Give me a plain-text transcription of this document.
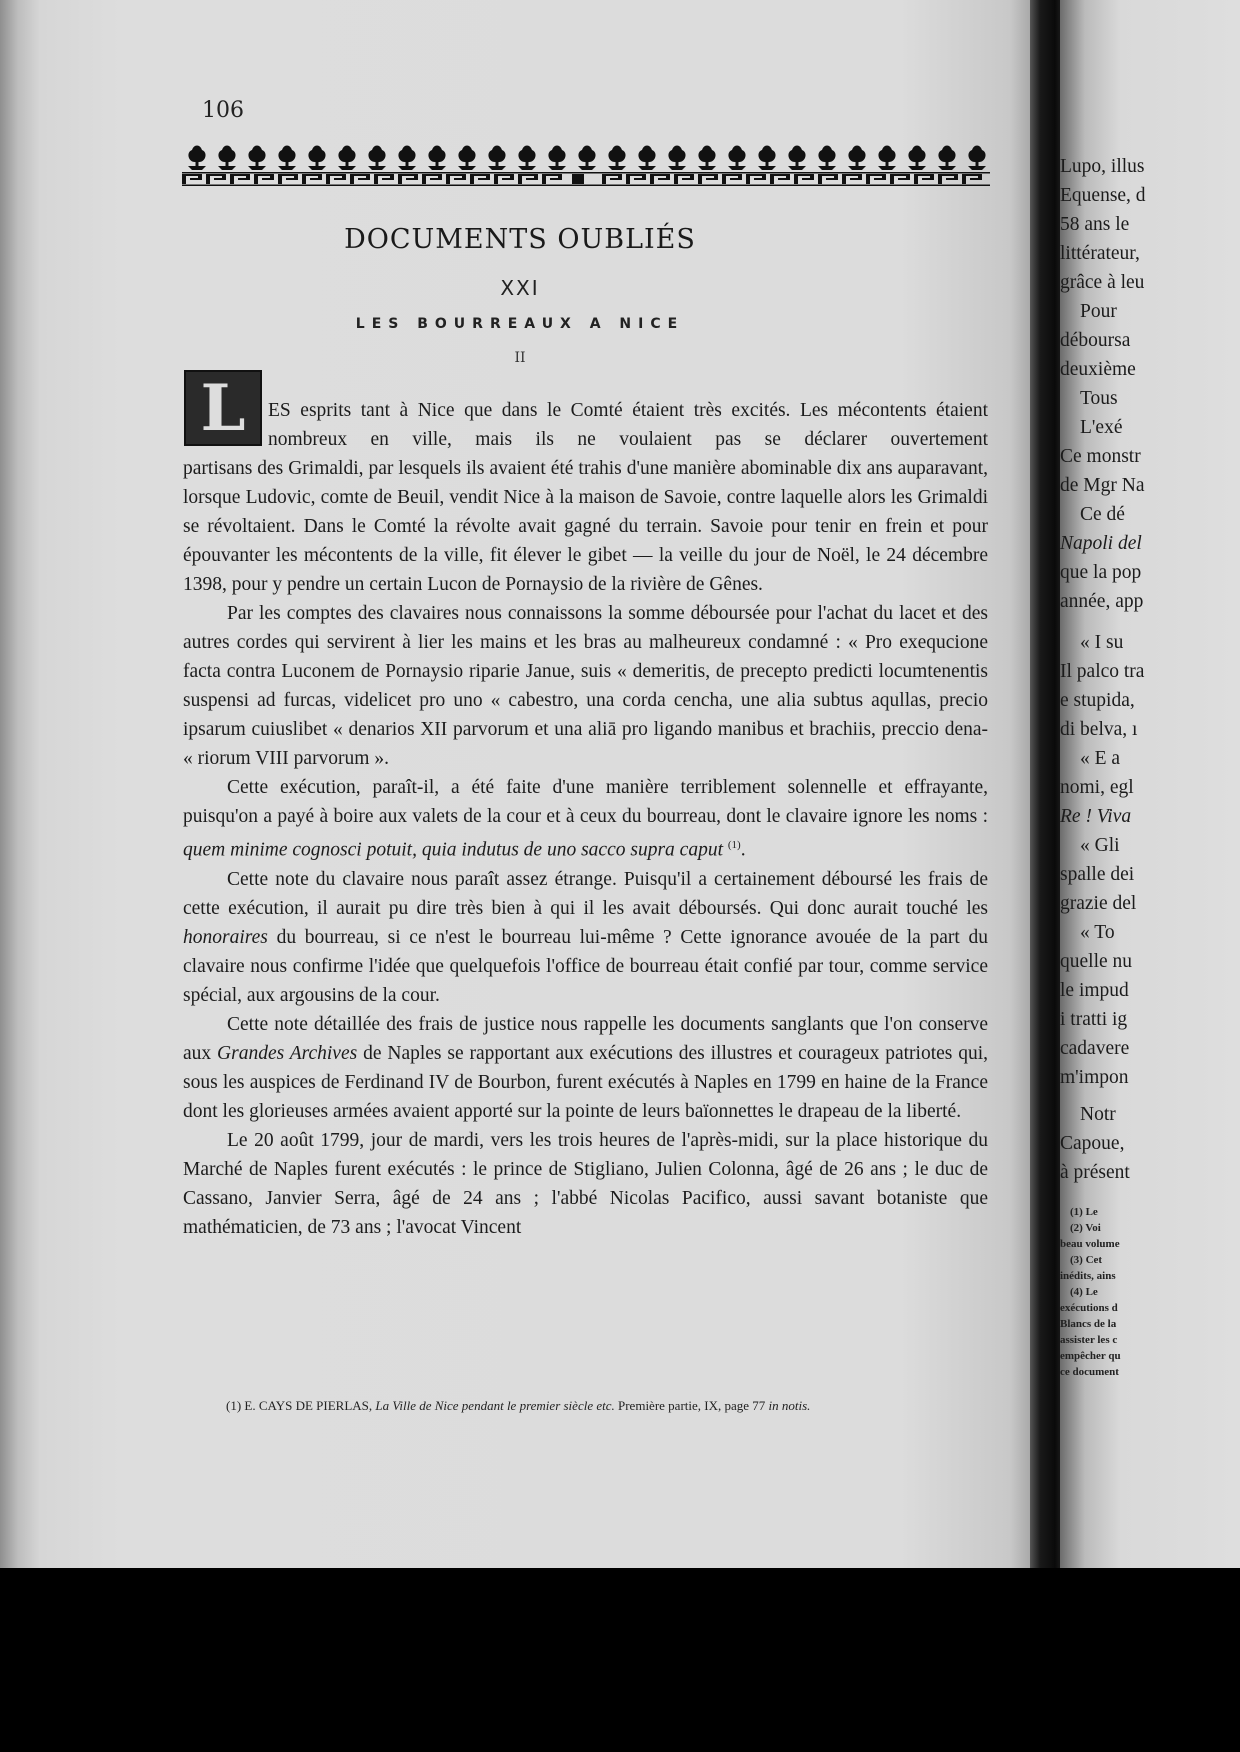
106
DOCUMENTS OUBLIÉS
XXI
LES BOURREAUX A NICE
II
L	ES esprits tant à Nice que dans le Comté étaient très excités. Les mécontents étaient nombreux en ville, mais ils ne voulaient pas se déclarer ouvertement

partisans des Grimaldi, par lesquels ils avaient été trahis d'une manière abominable dix ans auparavant, lorsque Ludovic, comte de Beuil, vendit Nice à la maison de Savoie, contre laquelle alors les Grimaldi se révoltaient. Dans le Comté la révolte avait gagné du terrain. Savoie pour tenir en frein et pour épouvanter les mécontents de la ville, fit élever le gibet — la veille du jour de Noël, le 24 décembre 1398, pour y pendre un certain Lucon de Pornaysio de la rivière de Gênes.

Par les comptes des clavaires nous connaissons la somme déboursée pour l'achat du lacet et des autres cordes qui servirent à lier les mains et les bras au malheureux condamné : « Pro exequcione facta contra Luconem de Pornaysio riparie Janue, suis « demeritis, de precepto predicti locumtenentis suspensi ad furcas, videlicet pro uno « cabestro, una corda cencha, une alia subtus aqullas, precio ipsarum cuiuslibet « denarios XII parvorum et una aliā pro ligando manibus et brachiis, preccio dena- « riorum VIII parvorum ».

Cette exécution, paraît-il, a été faite d'une manière terriblement solennelle et effrayante, puisqu'on a payé à boire aux valets de la cour et à ceux du bourreau, dont le clavaire ignore les noms : quem minime cognosci potuit, quia indutus de uno sacco supra caput $^{(1)}$.

Cette note du clavaire nous paraît assez étrange. Puisqu'il a certainement déboursé les frais de cette exécution, il aurait pu dire très bien à qui il les avait déboursés. Qui donc aurait touché les honoraires du bourreau, si ce n'est le bourreau lui-même ? Cette ignorance avouée de la part du clavaire nous confirme l'idée que quelquefois l'office de bourreau était confié par tour, comme service spécial, aux argousins de la cour.

Cette note détaillée des frais de justice nous rappelle les documents sanglants que l'on conserve aux Grandes Archives de Naples se rapportant aux exécutions des illustres et courageux patriotes qui, sous les auspices de Ferdinand IV de Bourbon, furent exécutés à Naples en 1799 en haine de la France dont les glorieuses armées avaient apporté sur la pointe de leurs baïonnettes le drapeau de la liberté.

Le 20 août 1799, jour de mardi, vers les trois heures de l'après-midi, sur la place historique du Marché de Naples furent exécutés : le prince de Stigliano, Julien Colonna, âgé de 26 ans ; le duc de Cassano, Janvier Serra, âgé de 24 ans ; l'abbé Nicolas Pacifico, aussi savant botaniste que mathématicien, de 73 ans ; l'avocat Vincent

(1) E. CAYS DE PIERLAS, La Ville de Nice pendant le premier siècle etc. Première partie, IX, page 77 in notis.
Lupo, illus
Equense, d
58 ans le
littérateur,
grâce à leu
Pour
déboursa
deuxième
Tous
L'exé
Ce monstr
de Mgr Na
Ce dé
Napoli del
que la pop
année, app
« I su
Il palco tra
e stupida,
di belva, ı
« E a
nomi, egl
Re ! Viva
« Gli
spalle dei
grazie del
« To
quelle nu
le impud
i tratti ig
cadavere
m'impon
Notr
Capoue,
à présent
(1) Le
(2) Voi
beau volume
(3) Cet
inédits, ains
(4) Le
exécutions d
Blancs de la
assister les c
empêcher qu
ce document
